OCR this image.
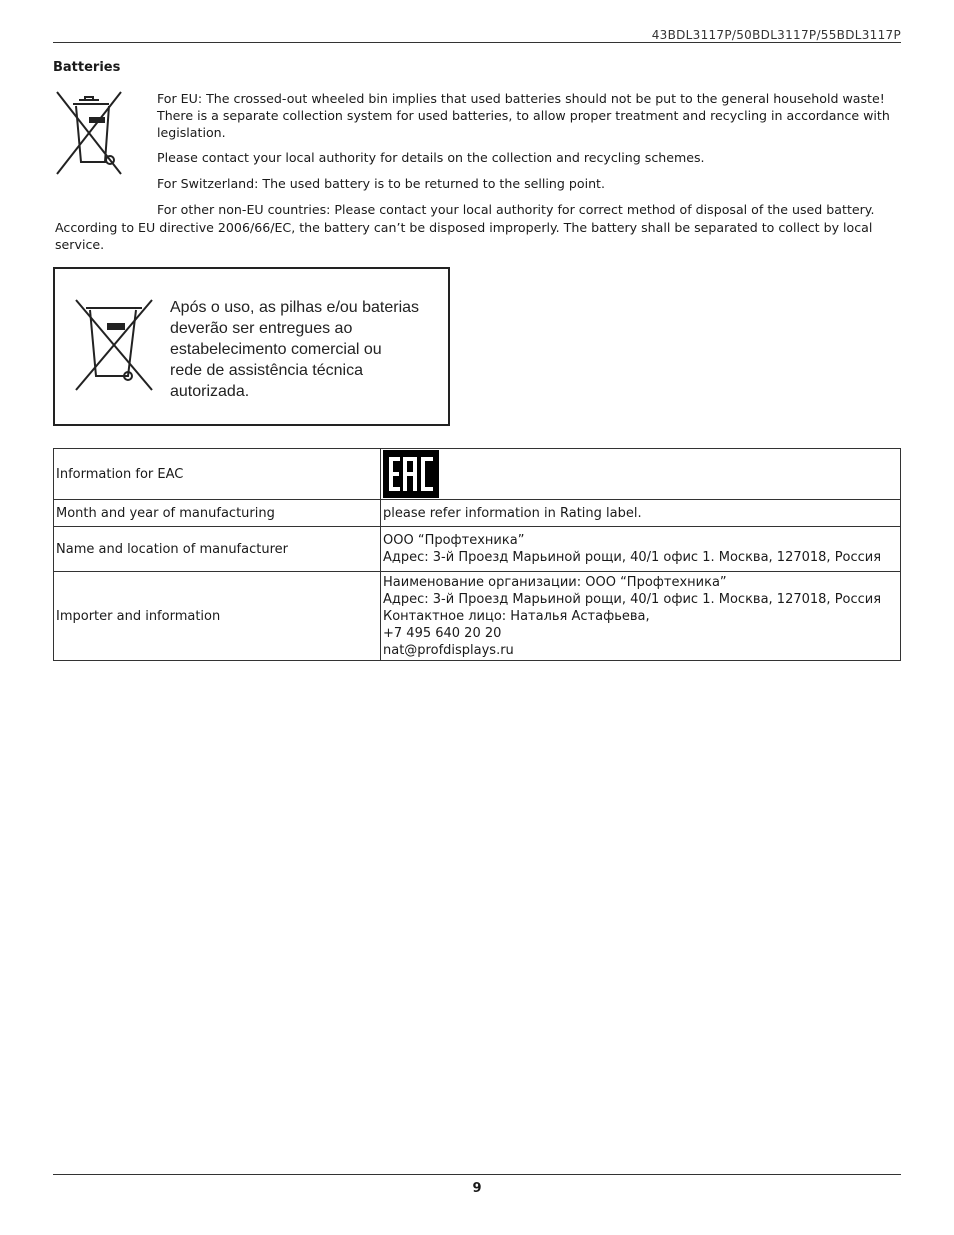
43BDL3117P/50BDL3117P/55BDL3117P
Batteries
For EU: The crossed-out wheeled bin implies that used batteries should not be put to the general household waste! There is a separate collection system for used batteries, to allow proper treatment and recycling in accordance with legislation.
Please contact your local authority for details on the collection and recycling schemes.
For Switzerland: The used battery is to be returned to the selling point.
For other non-EU countries: Please contact your local authority for correct method of disposal of the used battery.
According to EU directive 2006/66/EC, the battery can’t be disposed improperly. The battery shall be separated to collect by local service.
Após o uso, as pilhas e/ou baterias
deverão ser entregues ao
estabelecimento comercial ou
rede de assistência técnica
autorizada.
Information for EAC	
Month and year of manufacturing	please refer information in Rating label.
Name and location of manufacturer	ООО “Профтехника”
Адрес: 3-й Проезд Марьиной рощи, 40/1 офис 1. Москва, 127018, Россия

Importer and information	Наименование организации: ООО “Профтехника”
Адрес: 3-й Проезд Марьиной рощи, 40/1 офис 1. Москва, 127018, Россия
Контактное лицо: Наталья Астафьева,
+7 495 640 20 20
nat@profdisplays.ru
9
